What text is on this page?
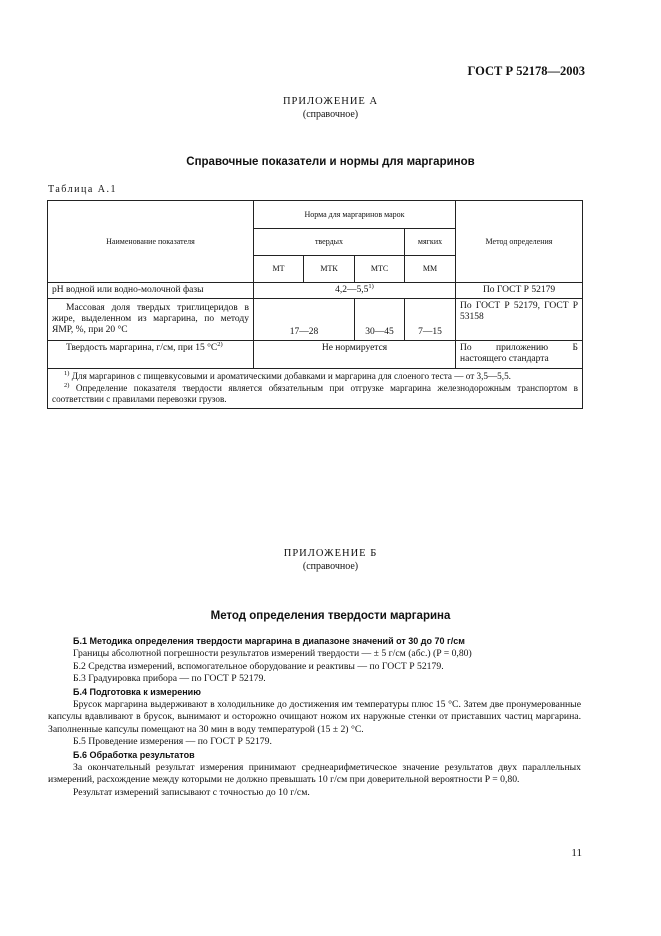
ГОСТ Р 52178—2003
ПРИЛОЖЕНИЕ А
(справочное)
Справочные показатели и нормы для маргаринов
Таблица А.1
Наименование показателя	Норма для маргаринов марок				Метод определения
	твердых			мягких	
	МТ	МТК	МТС	ММ	
рН водной или водно-молочной фазы	4,2—5,5$^{1)}$				По ГОСТ Р 52179
Массовая доля твердых триглицеридов в жире, выделенном из маргарина, по методу ЯМР, %, при 20 °С	17—28		30—45	7—15	По ГОСТ Р 52179, ГОСТ Р 53158
Твердость маргарина, г/см, при 15 $^\circ С^{2)}$	Не нормируется				По приложению Б настоящего стандарта

$^{1)}$ Для маргаринов с пищевкусовыми и ароматическими добавками и маргарина для слоеного теста — от 3,5—5,5.

$^{2)}$ Определение показателя твердости является обязательным при отгрузке маргарина железнодорожным транспортом в соответствии с правилами перевозки грузов.					

ПРИЛОЖЕНИЕ Б
(справочное)
Метод определения твердости маргарина

Б.1 Методика определения твердости маргарина в диапазоне значений от 30 до 70 г/см

Границы абсолютной погрешности результатов измерений твердости — ± 5 г/см (абс.) (P = 0,80)

Б.2 Средства измерений, вспомогательное оборудование и реактивы — по ГОСТ Р 52179.

Б.3 Градуировка прибора — по ГОСТ Р 52179.

Б.4 Подготовка к измерению

Брусок маргарина выдерживают в холодильнике до достижения им температуры плюс 15 °С. Затем две пронумерованные капсулы вдавливают в брусок, вынимают и осторожно очищают ножом их наружные стенки от приставших частиц маргарина. Заполненные капсулы помещают на 30 мин в воду температурой (15 ± 2) °С.

Б.5 Проведение измерения — по ГОСТ Р 52179.

Б.6 Обработка результатов

За окончательный результат измерения принимают среднеарифметическое значение результатов двух параллельных измерений, расхождение между которыми не должно превышать 10 г/см при доверительной вероятности P = 0,80.

Результат измерений записывают с точностью до 10 г/см.

11
